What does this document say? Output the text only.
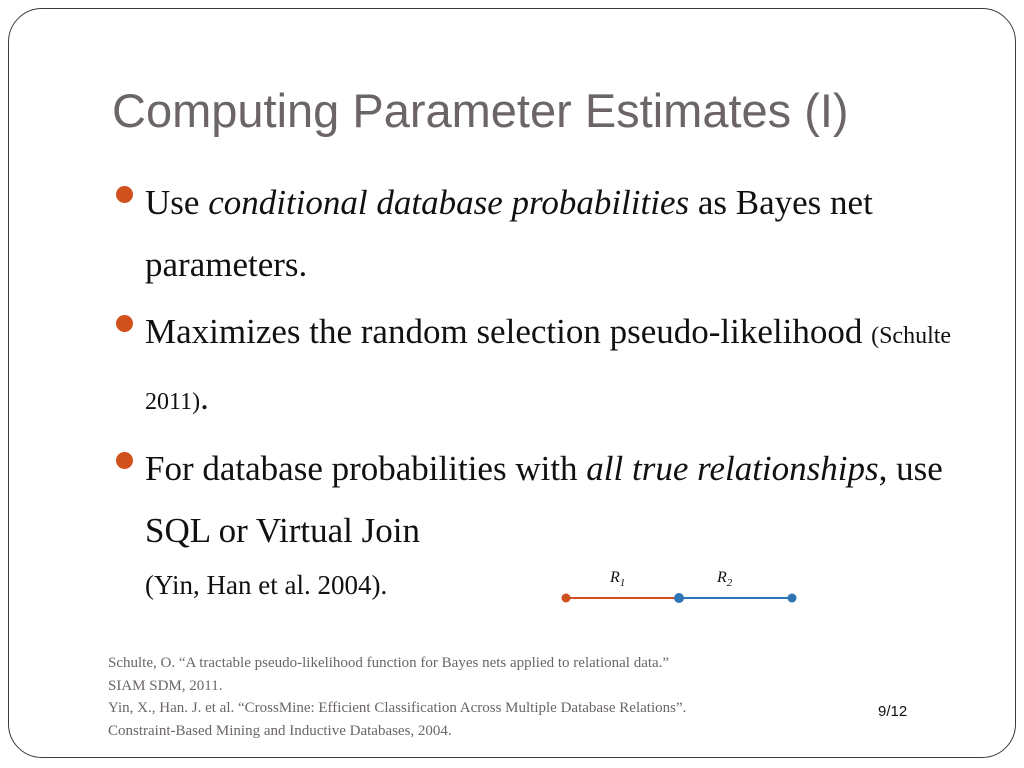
Computing Parameter Estimates (I)
Use conditional database probabilities as Bayes net parameters.
Maximizes the random selection pseudo-likelihood (Schulte 2011).
For database probabilities with all true relationships, use SQL or Virtual Join
(Yin, Han et al. 2004).	$R_1$	$R_2$
Schulte, O. “A tractable pseudo-likelihood function for Bayes nets applied to relational data.”
SIAM SDM, 2011.
Yin, X., Han. J. et al. “CrossMine: Efficient Classification Across Multiple Database Relations”.
Constraint-Based Mining and Inductive Databases, 2004.
9/12
